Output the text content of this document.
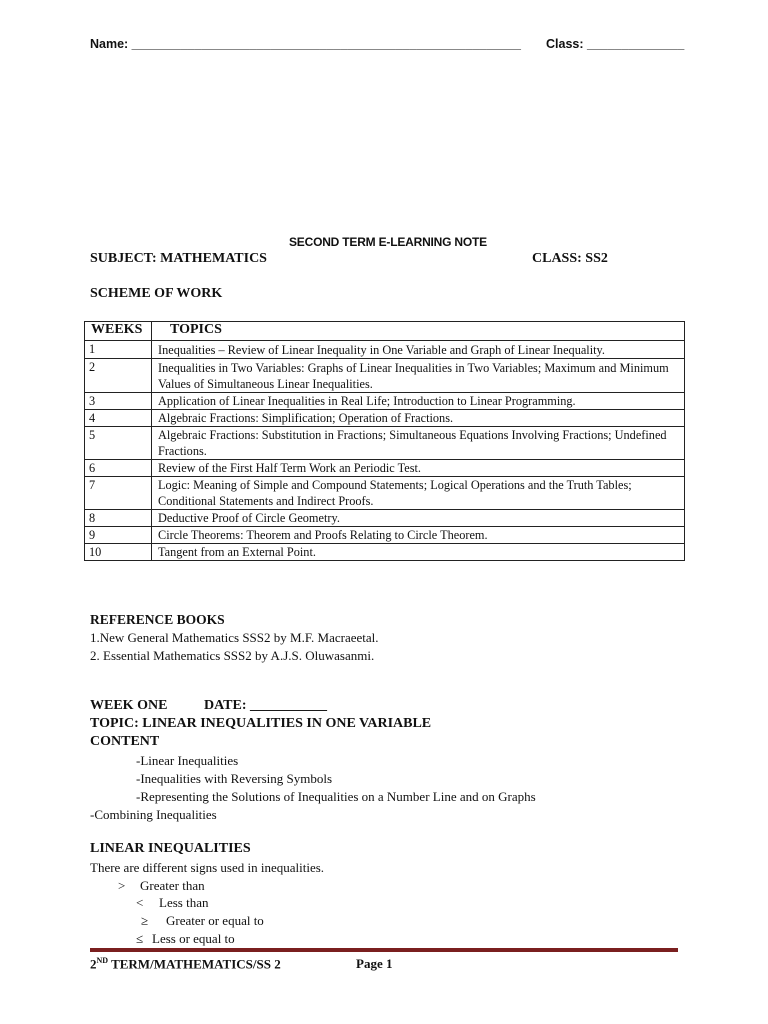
Name: ________________________________________________________ Class: ______________
SECOND TERM E-LEARNING NOTE
SUBJECT: MATHEMATICS	CLASS: SS2
SCHEME OF WORK
WEEKS	TOPICS
1	Inequalities – Review of Linear Inequality in One Variable and Graph of Linear Inequality.
2	Inequalities in Two Variables: Graphs of Linear Inequalities in Two Variables; Maximum and Minimum Values of Simultaneous Linear Inequalities.
3	Application of Linear Inequalities in Real Life; Introduction to Linear Programming.
4	Algebraic Fractions: Simplification; Operation of Fractions.
5	Algebraic Fractions: Substitution in Fractions; Simultaneous Equations Involving Fractions; Undefined Fractions.
6	Review of the First Half Term Work an Periodic Test.
7	Logic: Meaning of Simple and Compound Statements; Logical Operations and the Truth Tables; Conditional Statements and Indirect Proofs.
8	Deductive Proof of Circle Geometry.
9	Circle Theorems: Theorem and Proofs Relating to Circle Theorem.
10	Tangent from an External Point.
REFERENCE BOOKS
1.New General Mathematics SSS2 by M.F. Macraeetal.
2. Essential Mathematics SSS2 by A.J.S. Oluwasanmi.
WEEK ONE	DATE: ___________
TOPIC: LINEAR INEQUALITIES IN ONE VARIABLE
CONTENT
-Linear Inequalities
-Inequalities with Reversing Symbols
-Representing the Solutions of Inequalities on a Number Line and on Graphs
-Combining Inequalities
LINEAR INEQUALITIES
There are different signs used in inequalities.
> Greater than
< Less than
≥ Greater or equal to
≤ Less or equal to
2ND TERM/MATHEMATICS/SS 2	Page 1
